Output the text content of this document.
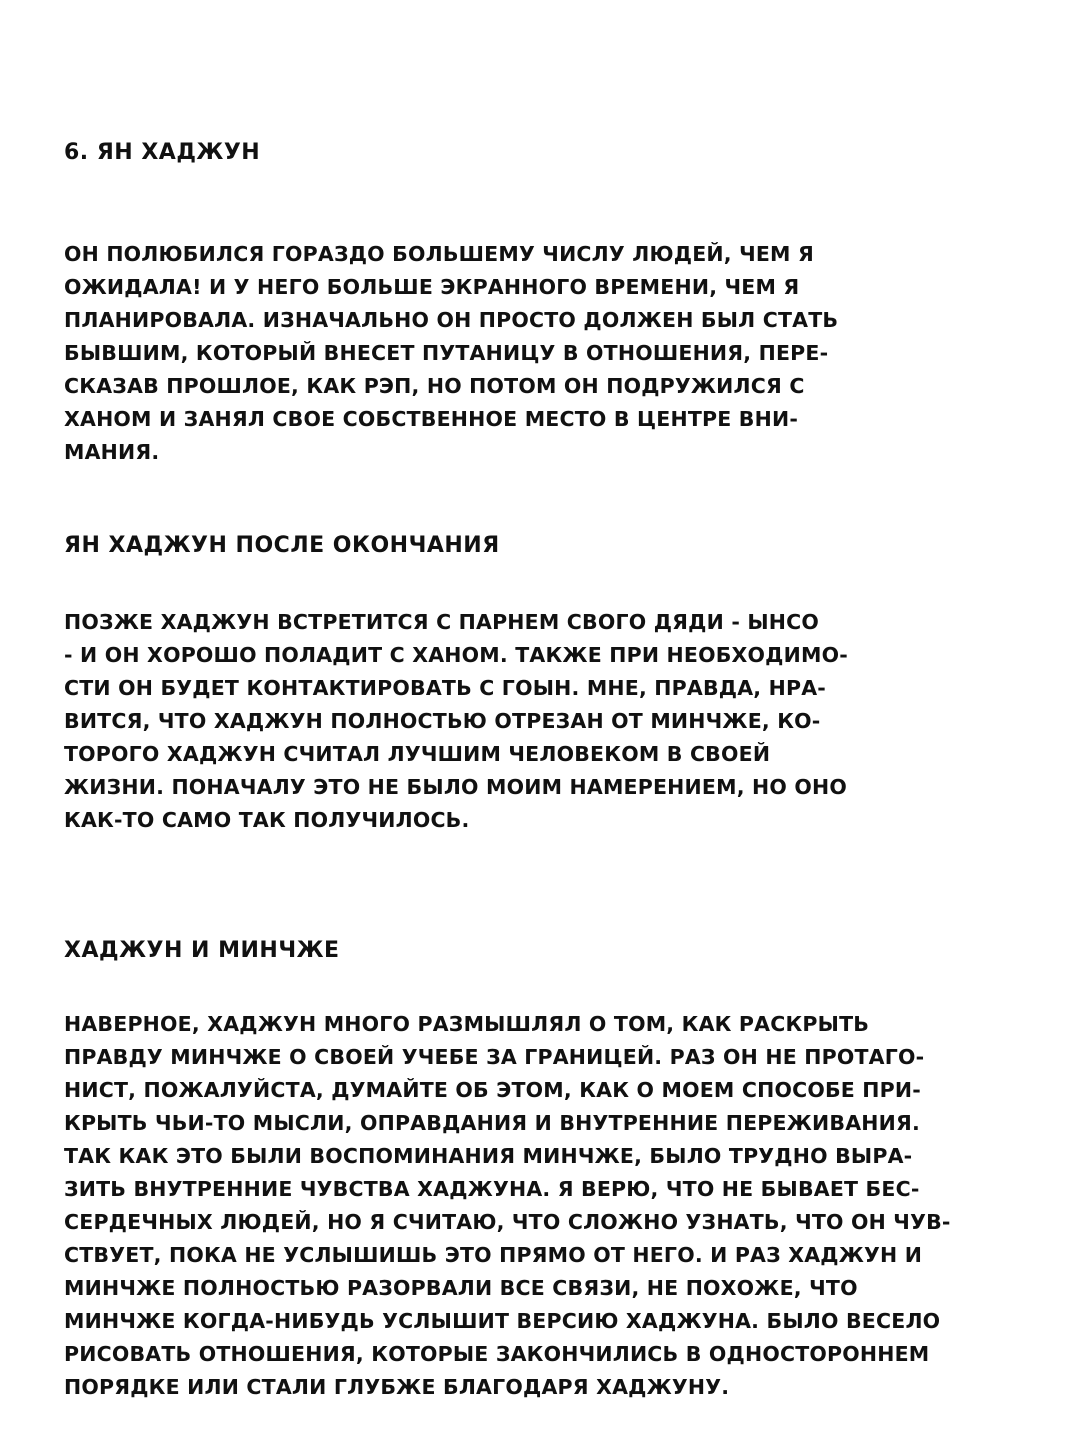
6. ЯН ХАДЖУН
ОН ПОЛЮБИЛСЯ ГОРАЗДО БОЛЬШЕМУ ЧИСЛУ ЛЮДЕЙ, ЧЕМ Я
ОЖИДАЛА! И У НЕГО БОЛЬШЕ ЭКРАННОГО ВРЕМЕНИ, ЧЕМ Я
ПЛАНИРОВАЛА. ИЗНАЧАЛЬНО ОН ПРОСТО ДОЛЖЕН БЫЛ СТАТЬ
БЫВШИМ, КОТОРЫЙ ВНЕСЕТ ПУТАНИЦУ В ОТНОШЕНИЯ, ПЕРЕ-
СКАЗАВ ПРОШЛОЕ, КАК РЭП, НО ПОТОМ ОН ПОДРУЖИЛСЯ С
ХАНОМ И ЗАНЯЛ СВОЕ СОБСТВЕННОЕ МЕСТО В ЦЕНТРЕ ВНИ-
МАНИЯ.
ЯН ХАДЖУН ПОСЛЕ ОКОНЧАНИЯ
ПОЗЖЕ ХАДЖУН ВСТРЕТИТСЯ С ПАРНЕМ СВОГО ДЯДИ - ЫНСО
- И ОН ХОРОШО ПОЛАДИТ С ХАНОМ. ТАКЖЕ ПРИ НЕОБХОДИМО-
СТИ ОН БУДЕТ КОНТАКТИРОВАТЬ С ГОЫН. МНЕ, ПРАВДА, НРА-
ВИТСЯ, ЧТО ХАДЖУН ПОЛНОСТЬЮ ОТРЕЗАН ОТ МИНЧЖЕ, КО-
ТОРОГО ХАДЖУН СЧИТАЛ ЛУЧШИМ ЧЕЛОВЕКОМ В СВОЕЙ
ЖИЗНИ. ПОНАЧАЛУ ЭТО НЕ БЫЛО МОИМ НАМЕРЕНИЕМ, НО ОНО
КАК-ТО САМО ТАК ПОЛУЧИЛОСЬ.
ХАДЖУН И МИНЧЖЕ
НАВЕРНОЕ, ХАДЖУН МНОГО РАЗМЫШЛЯЛ О ТОМ, КАК РАСКРЫТЬ
ПРАВДУ МИНЧЖЕ О СВОЕЙ УЧЕБЕ ЗА ГРАНИЦЕЙ. РАЗ ОН НЕ ПРОТАГО-
НИСТ, ПОЖАЛУЙСТА, ДУМАЙТЕ ОБ ЭТОМ, КАК О МОЕМ СПОСОБЕ ПРИ-
КРЫТЬ ЧЬИ-ТО МЫСЛИ, ОПРАВДАНИЯ И ВНУТРЕННИЕ ПЕРЕЖИВАНИЯ.
ТАК КАК ЭТО БЫЛИ ВОСПОМИНАНИЯ МИНЧЖЕ, БЫЛО ТРУДНО ВЫРА-
ЗИТЬ ВНУТРЕННИЕ ЧУВСТВА ХАДЖУНА. Я ВЕРЮ, ЧТО НЕ БЫВАЕТ БЕС-
СЕРДЕЧНЫХ ЛЮДЕЙ, НО Я СЧИТАЮ, ЧТО СЛОЖНО УЗНАТЬ, ЧТО ОН ЧУВ-
СТВУЕТ, ПОКА НЕ УСЛЫШИШЬ ЭТО ПРЯМО ОТ НЕГО. И РАЗ ХАДЖУН И
МИНЧЖЕ ПОЛНОСТЬЮ РАЗОРВАЛИ ВСЕ СВЯЗИ, НЕ ПОХОЖЕ, ЧТО
МИНЧЖЕ КОГДА-НИБУДЬ УСЛЫШИТ ВЕРСИЮ ХАДЖУНА. БЫЛО ВЕСЕЛО
РИСОВАТЬ ОТНОШЕНИЯ, КОТОРЫЕ ЗАКОНЧИЛИСЬ В ОДНОСТОРОННЕМ
ПОРЯДКЕ ИЛИ СТАЛИ ГЛУБЖЕ БЛАГОДАРЯ ХАДЖУНУ.
